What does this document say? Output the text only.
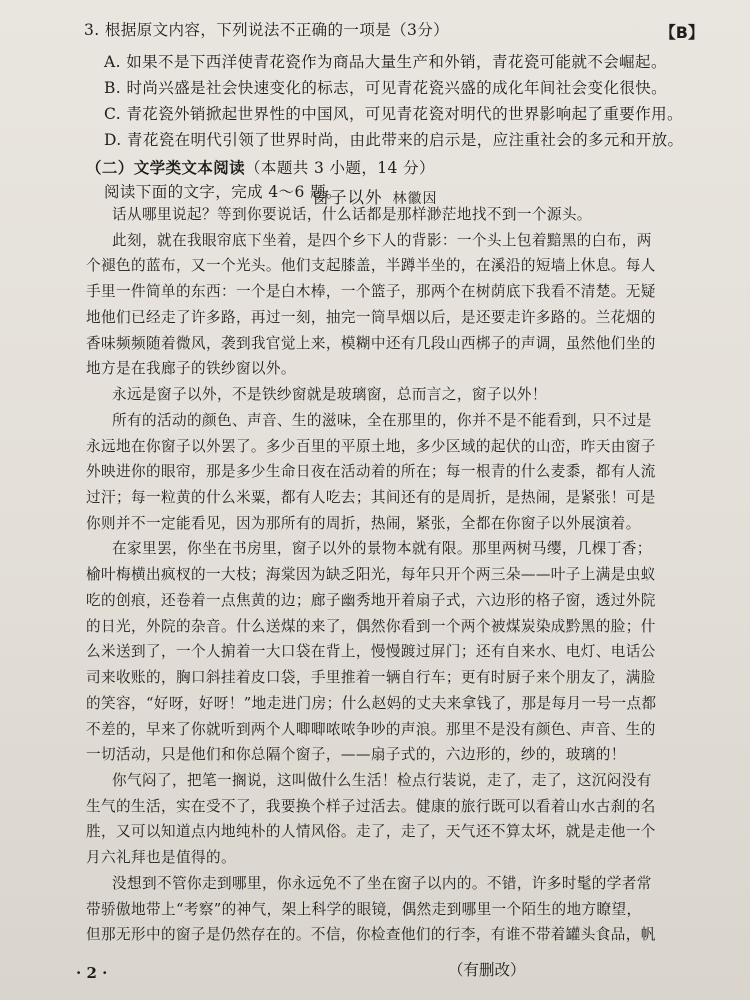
【B】
3. 根据原文内容，下列说法不正确的一项是（3分）
A. 如果不是下西洋使青花瓷作为商品大量生产和外销，青花瓷可能就不会崛起。
B. 时尚兴盛是社会快速变化的标志，可见青花瓷兴盛的成化年间社会变化很快。
C. 青花瓷外销掀起世界性的中国风，可见青花瓷对明代的世界影响起了重要作用。
D. 青花瓷在明代引领了世界时尚，由此带来的启示是，应注重社会的多元和开放。
（二）文学类文本阅读（本题共 3 小题，14 分）
阅读下面的文字，完成 4～6 题。
窗子以外 林徽因
话从哪里说起？等到你要说话，什么话都是那样渺茫地找不到一个源头。
此刻，就在我眼帘底下坐着，是四个乡下人的背影：一个头上包着黯黑的白布，两
个褪色的蓝布，又一个光头。他们支起膝盖，半蹲半坐的，在溪沿的短墙上休息。每人
手里一件简单的东西：一个是白木棒，一个篮子，那两个在树荫底下我看不清楚。无疑
地他们已经走了许多路，再过一刻，抽完一筒旱烟以后，是还要走许多路的。兰花烟的
香味频频随着微风，袭到我官觉上来，模糊中还有几段山西梆子的声调，虽然他们坐的
地方是在我廊子的铁纱窗以外。
永远是窗子以外，不是铁纱窗就是玻璃窗，总而言之，窗子以外！
所有的活动的颜色、声音、生的滋味，全在那里的，你并不是不能看到，只不过是
永远地在你窗子以外罢了。多少百里的平原土地，多少区域的起伏的山峦，昨天由窗子
外映进你的眼帘，那是多少生命日夜在活动着的所在；每一根青的什么麦黍，都有人流
过汗；每一粒黄的什么米粟，都有人吃去；其间还有的是周折，是热闹，是紧张！可是
你则并不一定能看见，因为那所有的周折，热闹，紧张，全都在你窗子以外展演着。
在家里罢，你坐在书房里，窗子以外的景物本就有限。那里两树马缨，几棵丁香；
榆叶梅横出疯杈的一大枝；海棠因为缺乏阳光，每年只开个两三朵——叶子上满是虫蚁
吃的创痕，还卷着一点焦黄的边；廊子幽秀地开着扇子式，六边形的格子窗，透过外院
的日光，外院的杂音。什么送煤的来了，偶然你看到一个两个被煤炭染成黔黑的脸；什
么米送到了，一个人掮着一大口袋在背上，慢慢踱过屏门；还有自来水、电灯、电话公
司来收账的，胸口斜挂着皮口袋，手里推着一辆自行车；更有时厨子来个朋友了，满脸
的笑容，“好呀，好呀！”地走进门房；什么赵妈的丈夫来拿钱了，那是每月一号一点都
不差的，早来了你就听到两个人唧唧哝哝争吵的声浪。那里不是没有颜色、声音、生的
一切活动，只是他们和你总隔个窗子，——扇子式的，六边形的，纱的，玻璃的！
你气闷了，把笔一搁说，这叫做什么生活！检点行装说，走了，走了，这沉闷没有
生气的生活，实在受不了，我要换个样子过活去。健康的旅行既可以看着山水古刹的名
胜，又可以知道点内地纯朴的人情风俗。走了，走了，天气还不算太坏，就是走他一个
月六礼拜也是值得的。
没想到不管你走到哪里，你永远免不了坐在窗子以内的。不错，许多时髦的学者常
带骄傲地带上“考察”的神气，架上科学的眼镜，偶然走到哪里一个陌生的地方瞭望，
但那无形中的窗子是仍然存在的。不信，你检查他们的行李，有谁不带着罐头食品，帆
（有删改）
· 2 ·
